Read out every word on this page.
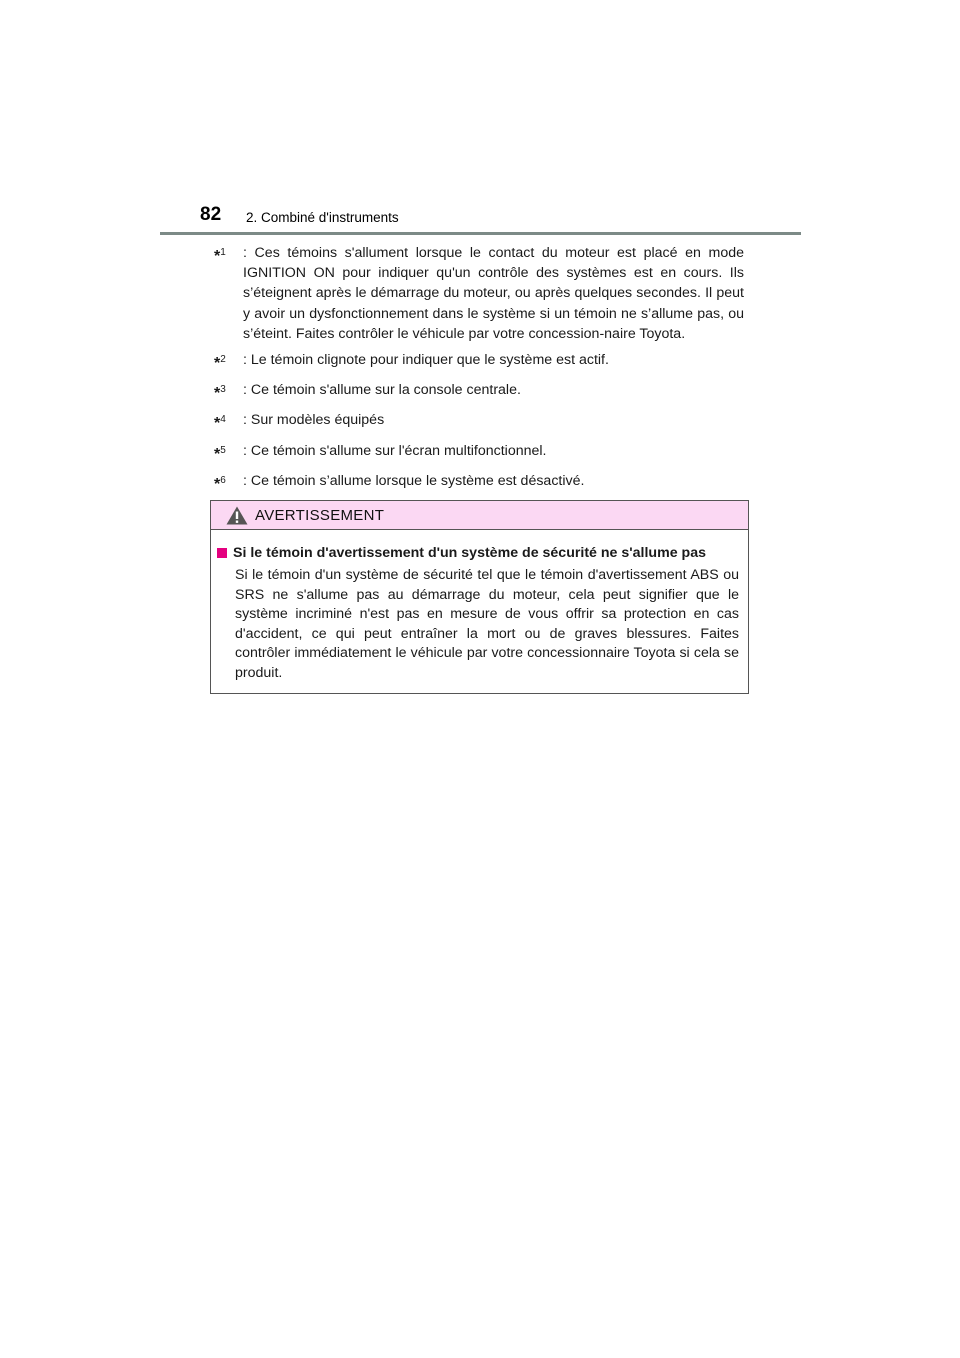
82 2. Combiné d'instruments
*$^1$	: Ces témoins s'allument lorsque le contact du moteur est placé en mode IGNITION ON pour indiquer qu'un contrôle des systèmes est en cours. Ils s’éteignent après le démarrage du moteur, ou après quelques secondes. Il peut y avoir un dysfonctionnement dans le système si un témoin ne s’allume pas, ou s’éteint. Faites contrôler le véhicule par votre concession-naire Toyota.
*$^2$	: Le témoin clignote pour indiquer que le système est actif.
*$^3$	: Ce témoin s'allume sur la console centrale.
*$^4$	: Sur modèles équipés
*$^5$	: Ce témoin s'allume sur l'écran multifonctionnel.
*$^6$	: Ce témoin s’allume lorsque le système est désactivé.
AVERTISSEMENT
Si le témoin d'avertissement d'un système de sécurité ne s'allume pas
Si le témoin d'un système de sécurité tel que le témoin d'avertissement ABS ou SRS ne s'allume pas au démarrage du moteur, cela peut signifier que le système incriminé n'est pas en mesure de vous offrir sa protection en cas d'accident, ce qui peut entraîner la mort ou de graves blessures. Faites contrôler immédiatement le véhicule par votre concessionnaire Toyota si cela se produit.
